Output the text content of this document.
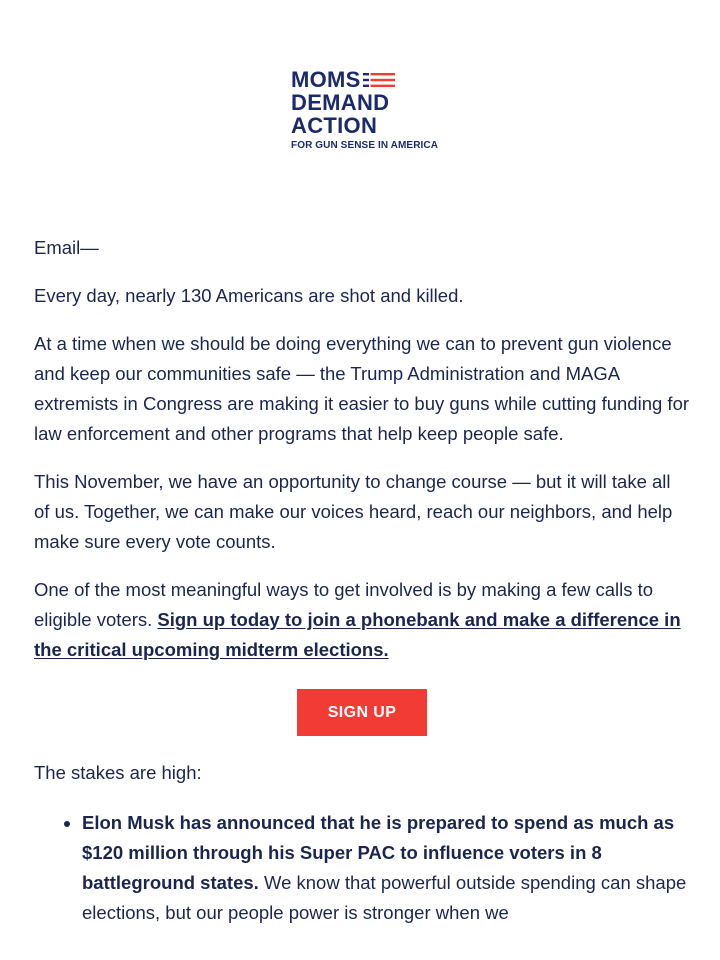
MOMS
DEMAND
ACTION
FOR GUN SENSE IN AMERICA

Email—

Every day, nearly 130 Americans are shot and killed.

At a time when we should be doing everything we can to prevent gun violence and keep our communities safe — the Trump Administration and MAGA extremists in Congress are making it easier to buy guns while cutting funding for law enforcement and other programs that help keep people safe.

This November, we have an opportunity to change course — but it will take all of us. Together, we can make our voices heard, reach our neighbors, and help make sure every vote counts.

One of the most meaningful ways to get involved is by making a few calls to eligible voters. Sign up today to join a phonebank and make a difference in the critical upcoming midterm elections.

SIGN UP

The stakes are high:

• Elon Musk has announced that he is prepared to spend as much as $120 million through his Super PAC to influence voters in 8 battleground states. We know that powerful outside spending can shape elections, but our people power is stronger when we
